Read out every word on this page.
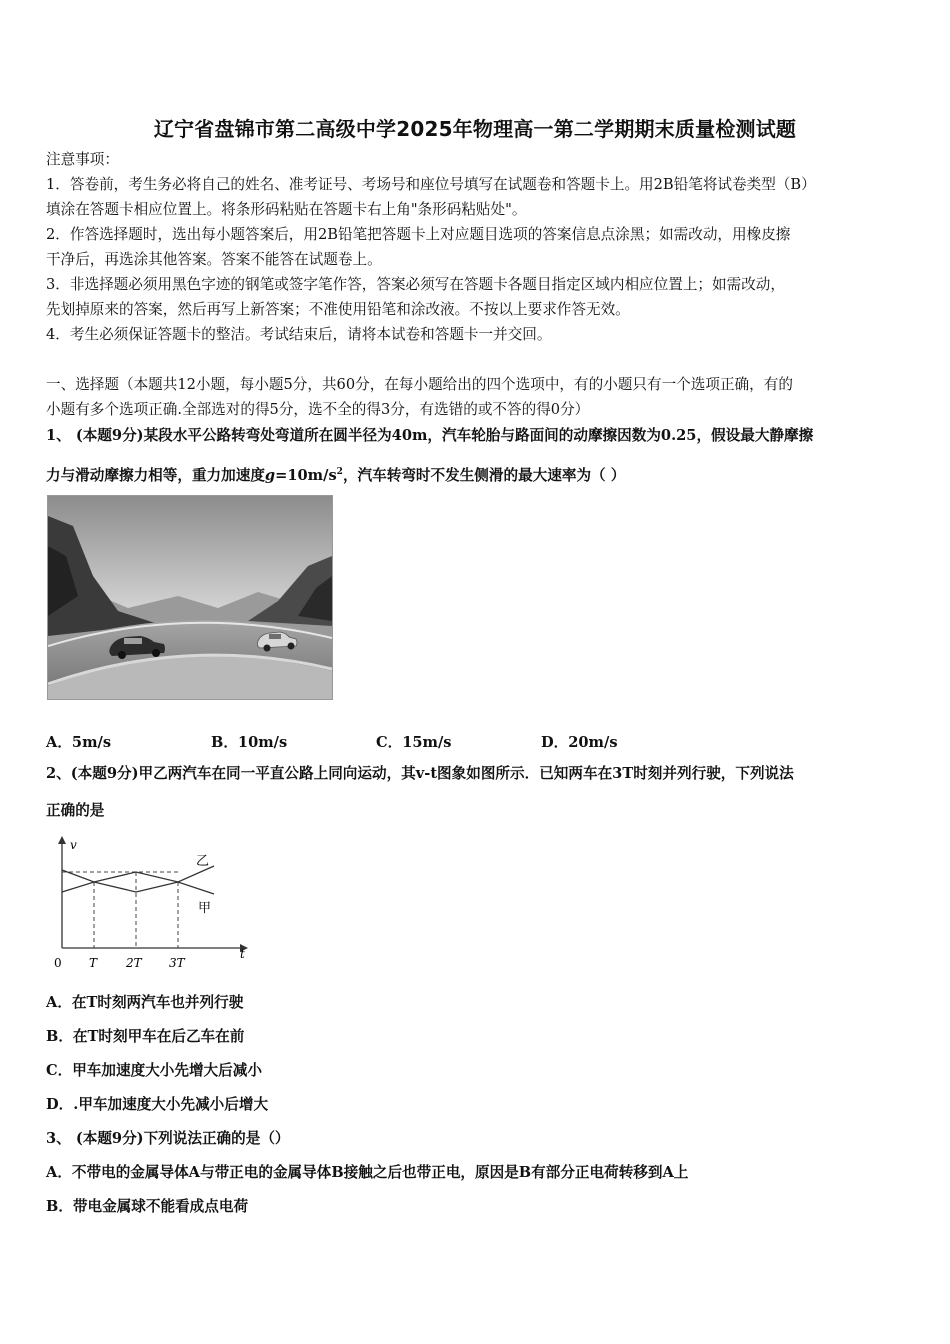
辽宁省盘锦市第二高级中学2025年物理高一第二学期期末质量检测试题
注意事项：
1．答卷前，考生务必将自己的姓名、准考证号、考场号和座位号填写在试题卷和答题卡上。用2B铅笔将试卷类型（B）
填涂在答题卡相应位置上。将条形码粘贴在答题卡右上角"条形码粘贴处"。
2．作答选择题时，选出每小题答案后，用2B铅笔把答题卡上对应题目选项的答案信息点涂黑；如需改动，用橡皮擦
干净后，再选涂其他答案。答案不能答在试题卷上。
3．非选择题必须用黑色字迹的钢笔或签字笔作答，答案必须写在答题卡各题目指定区域内相应位置上；如需改动，
先划掉原来的答案，然后再写上新答案；不准使用铅笔和涂改液。不按以上要求作答无效。
4．考生必须保证答题卡的整洁。考试结束后，请将本试卷和答题卡一并交回。
一、选择题（本题共12小题，每小题5分，共60分，在每小题给出的四个选项中，有的小题只有一个选项正确，有的
小题有多个选项正确.全部选对的得5分，选不全的得3分，有选错的或不答的得0分）
1、 (本题9分)某段水平公路转弯处弯道所在圆半径为40m，汽车轮胎与路面间的动摩擦因数为0.25，假设最大静摩擦
力与滑动摩擦力相等，重力加速度$g=10m/s^2$，汽车转弯时不发生侧滑的最大速率为（ ）
A．5m/s	B．10m/s	C．15m/s	D．20m/s
2、(本题9分)甲乙两汽车在同一平直公路上同向运动，其v-t图象如图所示．已知两车在3T时刻并列行驶，下列说法
正确的是
v
t
0 T 2T 3T
乙
甲
A．在T时刻两汽车也并列行驶
B．在T时刻甲车在后乙车在前
C．甲车加速度大小先增大后减小
D．.甲车加速度大小先减小后增大
3、 (本题9分)下列说法正确的是（）
A．不带电的金属导体A与带正电的金属导体B接触之后也带正电，原因是B有部分正电荷转移到A上
B．带电金属球不能看成点电荷
